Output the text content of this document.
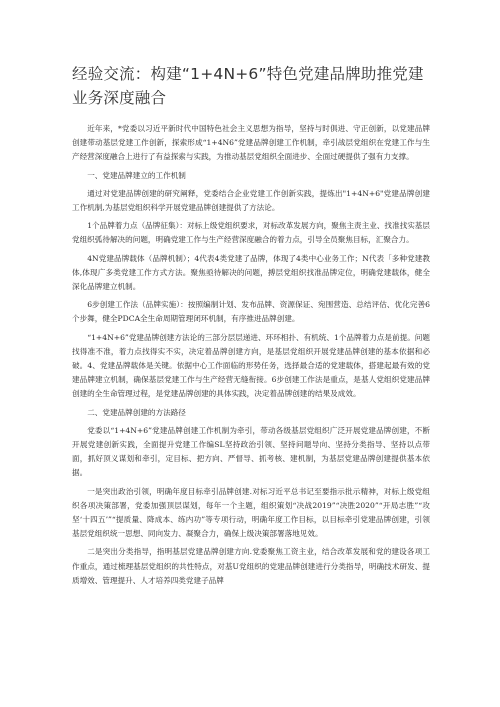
经验交流：构建“1+4N+6”特色党建品牌助推党建业务深度融合

近年来，*党委以习近平新时代中国特色社会主义思想为指导，坚持与时俱进、守正创新，以党建品牌创建带动基层党建工作创新，探索形成“1+4N6”党建品牌创建工作机制，牵引战层党组织在党建工作与生产经营深度融合上进行了有益探索与实践，为推动基层党组织全面进步、全面过硬提供了强有力支撑。

一、党建品牌建立的工作机制

通过对党建品牌创建的研究阐释，党委结合企业党建工作创新实践，提炼出"1+4N+6"党建品牌创建工作机制,为基层党组织科学开展党建品牌创建提供了方法论。

1个品牌着力点（品牌征集）：对标上级党组织要求，对标改革发展方向，聚焦主责主业、找准找实基层党组织弧待解决的问题，明确党建工作与生产经营深度融合的着力点，引导全员聚焦目标，汇聚合力。

4N党建品牌载体（品牌机制）；4代表4类党建了品牌，体现了4类中心业务工作；N代表「多种党建教体,体现广多类党建工作方式方法。聚焦亟待解决的问题，搏层党组织找准品牌定位，明确党建载体，健全深化品牌建立机制。

6步创建工作法（品牌实施）：按照编制计划、发布品牌、资源保证、宛围营造、总结评估、优化完善6个步舞，健全PDCA全生命周期管理闭环机制，有序推进品牌创建。

“1+4N+6”党建品牌创建方法论的三部分层层递进、环环相扑、有机统、1个品牌着力点是前提。问题找得准不准，着力点找得实不实，决定着品牌创建方向，是基层党组织开展党建品牌创建的基本依据和必破。4、党建品牌载体是关键。依据中心工作面临的形势任务，选择最合适的党建载体，搭建起最有效的党建品牌建立机制，确保基层党建工作与生产经营无缝衔接。6步创建工作法是重点，是基人党组织党建品牌创建的全生命管理过程，是党建品牌创建的具体实践，决定着品牌创建的结果及成效。

二、党建品牌创建的方法路径

党委以“1+4N+6”党建品牌创建工作机制为牵引，带动各级基层党组织广泛开展党建品牌创建，不断开展党建创新实践，全面提升党建工作编SL坚持政治引领、坚持问题导向、坚持分类指导、坚持以点带面，抓好顶义谋划和牵引，定目标、把方向、严督导、抓考核、建机制，为基层党建品牌创建提供基本依据。

一是突出政治引领，明确年度目标牵引品牌创建.对标习近平总书记至要指示批示精神，对标上级党组织各项决策部署，党委加强顶层谋划，每年一个主题，组织策划“决战2019”“决胜2020”“开局志胜”“攻坚‘十四五’”“提质量、降成本、练内功”等专项行动，明确年度工作目标，以目标牵引党建品牌创建，引领基层党组织统一思想、同向发力、凝聚合力，确保上级决策部署落地见效。

二是突出分类指导，指明基层党建品牌创建方向.党委聚焦工资主业，结合改革发展和党的建设各项工作重点，通过梳理基层党组织的共性特点，对基U党组织的党建品牌创建进行分类指导，明确技术研发、提质增效、管理提升、人才培养四类党建子品牌
